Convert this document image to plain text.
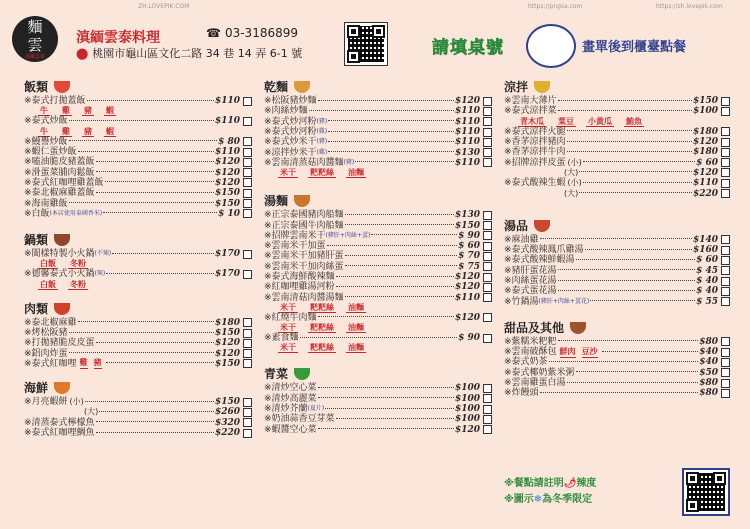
ZH.LOVEPIK.COM	https://pngsa.com	https://zh.lovepik.com
麵
雲
滇緬雲泰
滇緬雲泰料理	☎ 03-3186899
⬤ 桃園市龜山區文化二路 34 巷 14 弄 6-1 號	請填桌號	畫單後到櫃臺點餐
飯類
※泰式打拋蓋飯	$110
牛 雞 豬 蝦
※泰式炒飯	$110
牛 雞 豬 蝦
※鰻譽炒飯	$ 80
※蝦仁蛋炒飯	$110
※嗑油脆皮豬蓋飯	$120
※滑蛋菜脯肉鬆飯	$120
※泰式紅咖哩雞蓋飯	$120
※泰北椒麻雞蓋飯	$150
※海南雞飯	$150
※白飯 (本店使用泰國香米)	$ 10
鍋類
※閩樣特製小火鍋 (不辣)	$170
白飯 冬粉
※德馨泰式小火鍋 (辣)	$170
白飯 冬粉
肉類
※泰北椒麻雞	$180
※烤松阪豬	$150
※打拋豬脆皮皮蛋	$120
※鋁肉炸蛋	$120
※泰式紅咖哩 雞 豬	$150
海鮮
※月亮蝦餅 (小)	$150
(大)	$260
※清蒸泰式檸檬魚	$320
※泰式紅咖哩鯛魚	$220
乾麵
※松阪豬炒麵	$120
※肉絲炒麵	$110
※泰式炒河粉 (豬)	$110
※泰式炒河粉 (雞)	$110
※泰式炒米干 (豬)	$110
※涼拌炒米干 (雞)	$130
※雲南清蒸菇肉醬麵 (豬)	$110
米干 粑粑絲 油麵
湯麵
※正宗泰國豬肉船麵	$130
※正宗泰國牛肉船麵	$150
※招牌雲南米干 (豬肝+肉絲+蛋)	$ 90
※雲南米干加蛋	$ 60
※雲南米干加豬肝蛋	$ 70
※雲南米干加肉絲蛋	$ 75
※泰式海鮮酸辣麵	$120
※紅咖哩雞湯河粉	$120
※雲南清菇肉醬湯麵	$110
米干 粑粑絲 油麵
※紅燒牛肉麵	$120
米干 粑粑絲 油麵
※素食麵	$ 90
米干 粑粑絲 油麵
青菜
※清炒空心菜	$100
※清炒高麗菜	$100
※清炒芥蘭 (夏片)	$100
※奶油蒜香豆芽菜	$100
※蝦醬空心菜	$120
涼拌
※雲南大薄片	$150
※泰式涼拌菜	$100
青木瓜 菜豆 小黃瓜 鮪魚
※泰式涼拌火腿	$180
※香茅涼拌豬肉	$120
※香茅涼拌牛肉	$180
※招牌涼拌皮蛋 (小)	$ 60
(大)	$120
※泰式酸辣生蝦 (小)	$110
(大)	$220
湯品
※麻油雞	$140
※泰式酸辣鳳爪雞湯	$160
※泰式酸辣鮮蝦湯	$ 60
※豬肝蛋花湯	$ 45
※肉絲蛋花湯	$ 40
※泰式蛋花湯	$ 40
※竹鍋湯 (豬肝+肉絲+蛋花)	$ 55
甜品及其他
※紫糯米粑粑	$80
※雲南破酥包 鮮肉 豆沙	$40
※泰式奶茶	$40
※泰式椰奶紫米粥	$50
※雲南雞蛋白湯	$80
※炸饅頭	$80
※餐點請註明🌶辣度
※圖示❄為冬季限定
